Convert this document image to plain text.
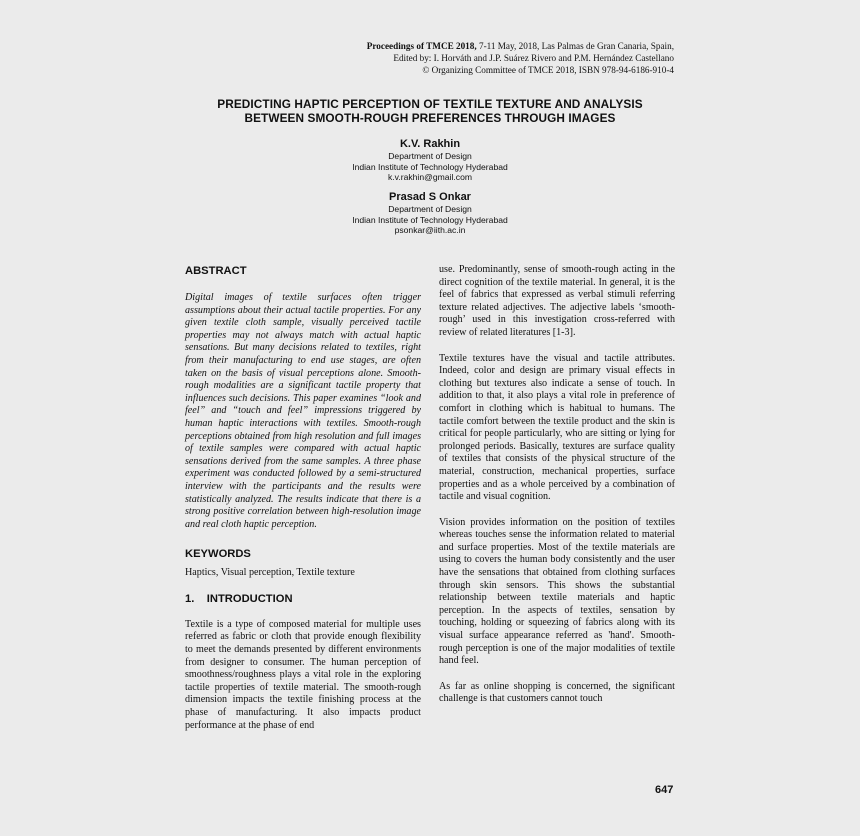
Proceedings of TMCE 2018, 7-11 May, 2018, Las Palmas de Gran Canaria, Spain,
Edited by: I. Horváth and J.P. Suárez Rivero and P.M. Hernández Castellano
© Organizing Committee of TMCE 2018, ISBN 978-94-6186-910-4
PREDICTING HAPTIC PERCEPTION OF TEXTILE TEXTURE AND ANALYSIS
BETWEEN SMOOTH-ROUGH PREFERENCES THROUGH IMAGES
K.V. Rakhin
Department of Design
Indian Institute of Technology Hyderabad
k.v.rakhin@gmail.com
Prasad S Onkar
Department of Design
Indian Institute of Technology Hyderabad
psonkar@iith.ac.in
ABSTRACT

Digital images of textile surfaces often trigger assumptions about their actual tactile properties. For any given textile cloth sample, visually perceived tactile properties may not always match with actual haptic sensations. But many decisions related to textiles, right from their manufacturing to end use stages, are often taken on the basis of visual perceptions alone. Smooth-rough modalities are a significant tactile property that influences such decisions. This paper examines “look and feel” and “touch and feel” impressions triggered by human haptic interactions with textiles. Smooth-rough perceptions obtained from high resolution and full images of textile samples were compared with actual haptic sensations derived from the same samples. A three phase experiment was conducted followed by a semi-structured interview with the participants and the results were statistically analyzed. The results indicate that there is a strong positive correlation between high-resolution image and real cloth haptic perception.

KEYWORDS

Haptics, Visual perception, Textile texture

1.    INTRODUCTION

Textile is a type of composed material for multiple uses referred as fabric or cloth that provide enough flexibility to meet the demands presented by different environments from designer to consumer. The human perception of smoothness/roughness plays a vital role in the exploring tactile properties of textile material. The smooth-rough dimension impacts the textile finishing process at the phase of manufacturing. It also impacts product performance at the phase of end

use. Predominantly, sense of smooth-rough acting in the direct cognition of the textile material. In general, it is the feel of fabrics that expressed as verbal stimuli referring texture related adjectives. The adjective labels ‘smooth- rough’ used in this investigation cross-referred with review of related literatures [1-3].

Textile textures have the visual and tactile attributes. Indeed, color and design are primary visual effects in clothing but textures also indicate a sense of touch. In addition to that, it also plays a vital role in preference of comfort in clothing which is habitual to humans. The tactile comfort between the textile product and the skin is critical for people particularly, who are sitting or lying for prolonged periods. Basically, textures are surface quality of textiles that consists of the physical structure of the material, construction, mechanical properties, surface properties and as a whole perceived by a combination of tactile and visual cognition.

Vision provides information on the position of textiles whereas touches sense the information related to material and surface properties. Most of the textile materials are using to covers the human body consistently and the user have the sensations that obtained from clothing surfaces through skin sensors. This shows the substantial relationship between textile materials and haptic perception. In the aspects of textiles, sensation by touching, holding or squeezing of fabrics along with its visual surface appearance referred as 'hand'. Smooth-rough perception is one of the major modalities of textile hand feel.

As far as online shopping is concerned, the significant challenge is that customers cannot touch

647
